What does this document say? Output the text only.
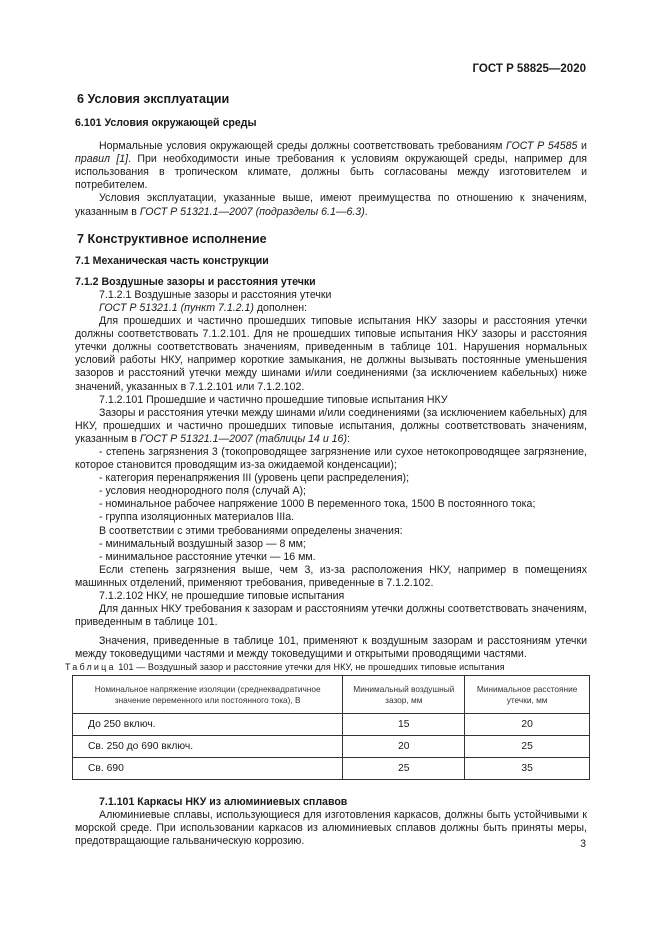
ГОСТ Р 58825—2020

6 Условия эксплуатации

6.101 Условия окружающей среды

Нормальные условия окружающей среды должны соответствовать требованиям ГОСТ Р 54585 и правил [1]. При необходимости иные требования к условиям окружающей среды, например для использования в тропическом климате, должны быть согласованы между изготовителем и потребителем.

Условия эксплуатации, указанные выше, имеют преимущества по отношению к значениям, указанным в ГОСТ Р 51321.1—2007 (подразделы 6.1—6.3).

7 Конструктивное исполнение

7.1 Механическая часть конструкции

7.1.2 Воздушные зазоры и расстояния утечки

7.1.2.1 Воздушные зазоры и расстояния утечки

ГОСТ Р 51321.1 (пункт 7.1.2.1) дополнен:

Для прошедших и частично прошедших типовые испытания НКУ зазоры и расстояния утечки должны соответствовать 7.1.2.101. Для не прошедших типовые испытания НКУ зазоры и расстояния утечки должны соответствовать значениям, приведенным в таблице 101. Нарушения нормальных условий работы НКУ, например короткие замыкания, не должны вызывать постоянные уменьшения зазоров и расстояний утечки между шинами и/или соединениями (за исключением кабельных) ниже значений, указанных в 7.1.2.101 или 7.1.2.102.

7.1.2.101 Прошедшие и частично прошедшие типовые испытания НКУ

Зазоры и расстояния утечки между шинами и/или соединениями (за исключением кабельных) для НКУ, прошедших и частично прошедших типовые испытания, должны соответствовать значениям, указанным в ГОСТ Р 51321.1—2007 (таблицы 14 и 16):

- степень загрязнения 3 (токопроводящее загрязнение или сухое нетокопроводящее загрязнение, которое становится проводящим из-за ожидаемой конденсации);

- категория перенапряжения III (уровень цепи распределения);

- условия неоднородного поля (случай А);

- номинальное рабочее напряжение 1000 В переменного тока, 1500 В постоянного тока;

- группа изоляционных материалов IIIа.

В соответствии с этими требованиями определены значения:

- минимальный воздушный зазор — 8 мм;

- минимальное расстояние утечки — 16 мм.

Если степень загрязнения выше, чем 3, из-за расположения НКУ, например в помещениях машинных отделений, применяют требования, приведенные в 7.1.2.102.

7.1.2.102 НКУ, не прошедшие типовые испытания

Для данных НКУ требования к зазорам и расстояниям утечки должны соответствовать значениям, приведенным в таблице 101.

Значения, приведенные в таблице 101, применяют к воздушным зазорам и расстояниям утечки между токоведущими частями и между токоведущими и открытыми проводящими частями.

Таблица 101 — Воздушный зазор и расстояние утечки для НКУ, не прошедших типовые испытания

Номинальное напряжение изоляции (среднеквадратичное значение переменного или постоянного тока), В	Минимальный воздушный зазор, мм	Минимальное расстояние утечки, мм
До 250 включ.	15	20
Св. 250 до 690 включ.	20	25
Св. 690	25	35

7.1.101 Каркасы НКУ из алюминиевых сплавов

Алюминиевые сплавы, использующиеся для изготовления каркасов, должны быть устойчивыми к морской среде. При использовании каркасов из алюминиевых сплавов должны быть приняты меры, предотвращающие гальваническую коррозию.	3
